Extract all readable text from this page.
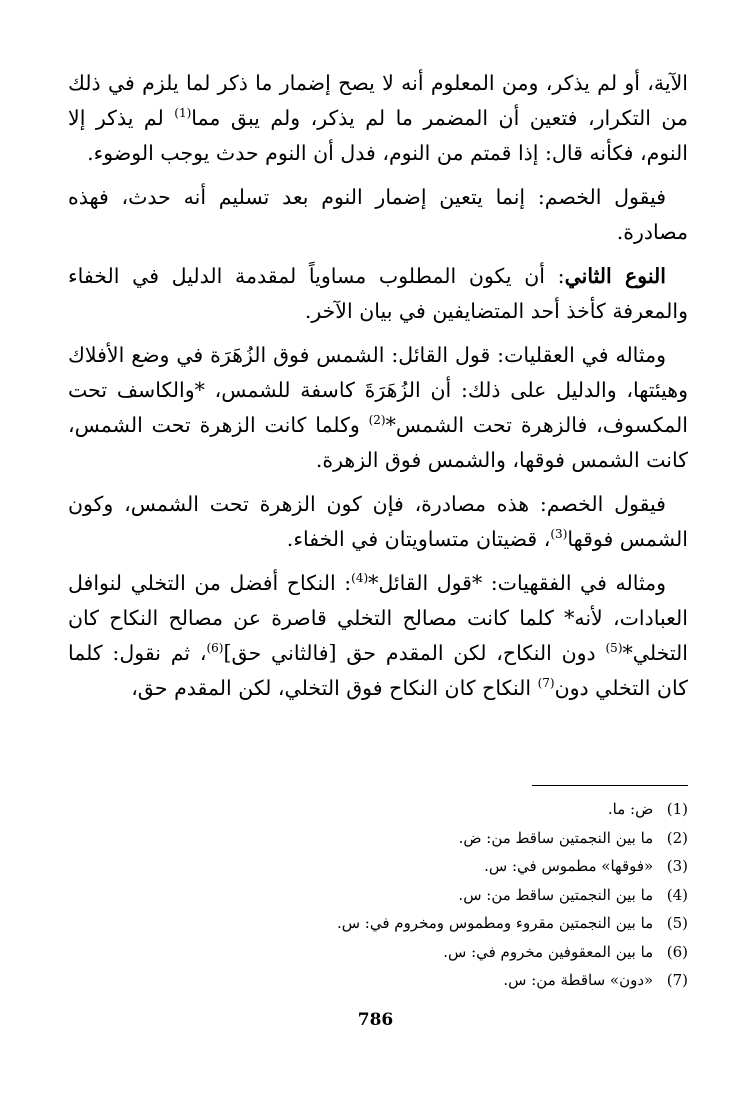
الآية، أو لم يذكر، ومن المعلوم أنه لا يصح إضمار ما ذكر لما يلزم في ذلك من التكرار، فتعين أن المضمر ما لم يذكر، ولم يبق مما$^{(1)}$ لم يذكر إلا النوم، فكأنه قال: إذا قمتم من النوم، فدل أن النوم حدث يوجب الوضوء.

فيقول الخصم: إنما يتعين إضمار النوم بعد تسليم أنه حدث، فهذه مصادرة.

النوع الثاني: أن يكون المطلوب مساوياً لمقدمة الدليل في الخفاء والمعرفة كأخذ أحد المتضايفين في بيان الآخر.

ومثاله في العقليات: قول القائل: الشمس فوق الزُهَرَة في وضع الأفلاك وهيئتها، والدليل على ذلك: أن الزُهَرَةَ كاسفة للشمس، *والكاسف تحت المكسوف، فالزهرة تحت الشمس*$^{(2)}$ وكلما كانت الزهرة تحت الشمس، كانت الشمس فوقها، والشمس فوق الزهرة.

فيقول الخصم: هذه مصادرة، فإن كون الزهرة تحت الشمس، وكون الشمس فوقها$^{(3)}$، قضيتان متساويتان في الخفاء.

ومثاله في الفقهيات: *قول القائل*$^{(4)}$: النكاح أفضل من التخلي لنوافل العبادات، لأنه* كلما كانت مصالح التخلي قاصرة عن مصالح النكاح كان التخلي*$^{(5)}$ دون النكاح، لكن المقدم حق [فالثاني حق]$^{(6)}$، ثم نقول: كلما كان التخلي دون$^{(7)}$ النكاح كان النكاح فوق التخلي، لكن المقدم حق،

(1) ض: ما.
(2) ما بين النجمتين ساقط من: ض.
(3) «فوقها» مطموس في: س.
(4) ما بين النجمتين ساقط من: س.
(5) ما بين النجمتين مقروء ومطموس ومخروم في: س.
(6) ما بين المعقوفين مخروم في: س.
(7) «دون» ساقطة من: س.
786
